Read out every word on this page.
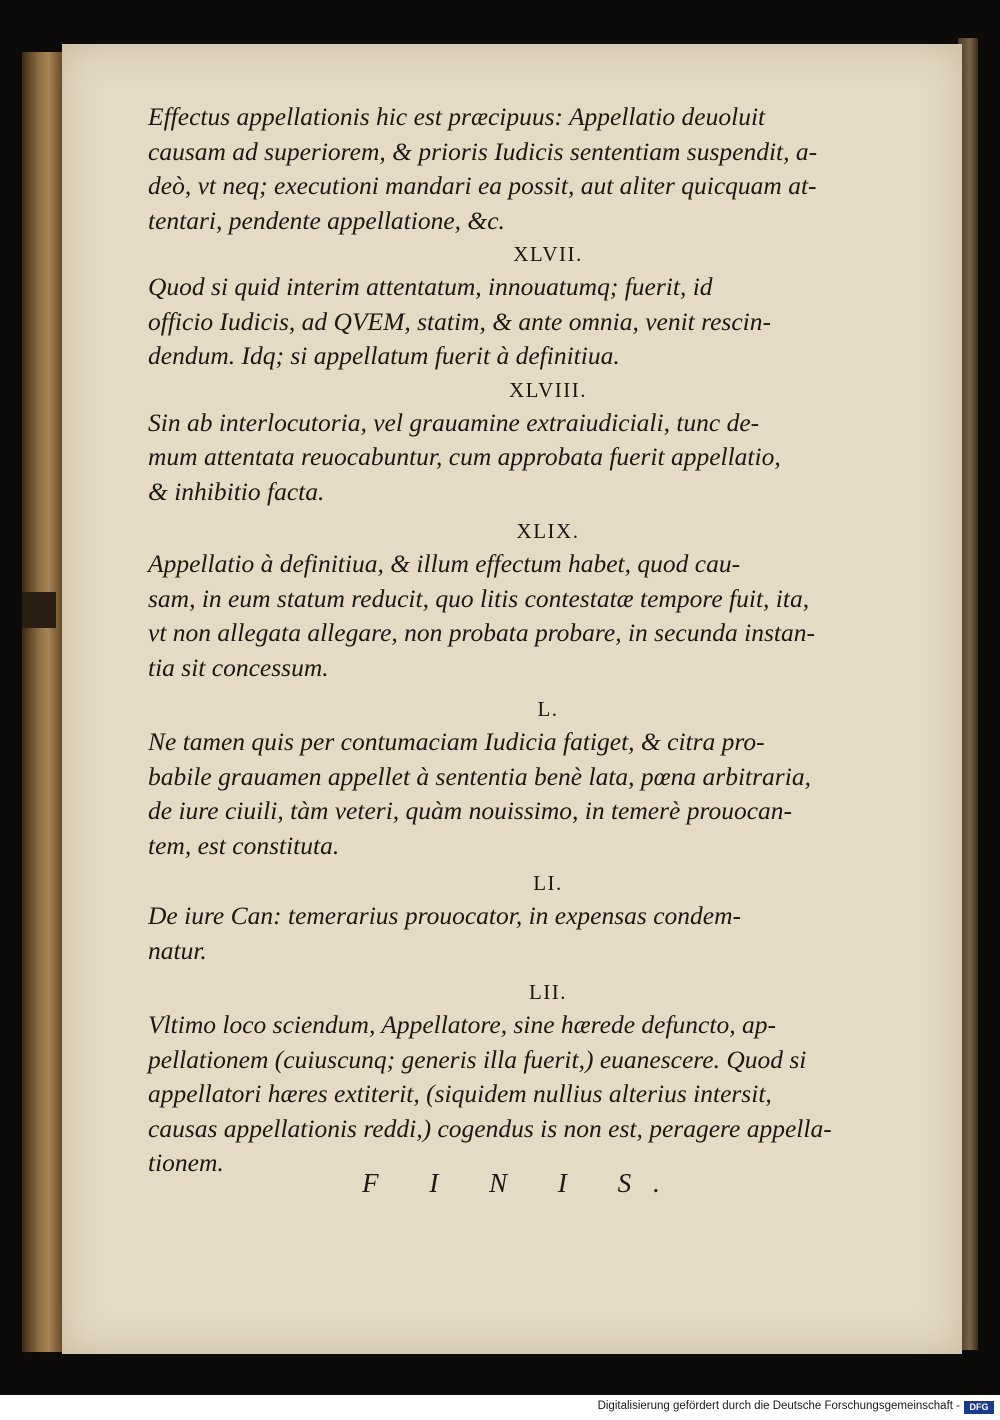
Effectus appellationis hic est præcipuus: Appellatio deuoluit
causam ad superiorem, & prioris Iudicis sententiam suspendit, a-
deò, vt neq; executioni mandari ea possit, aut aliter quicquam at-
tentari, pendente appellatione, &c.

XLVII.

Quod si quid interim attentatum, innouatumq; fuerit, id
officio Iudicis, ad QVEM, statim, & ante omnia, venit rescin-
dendum. Idq; si appellatum fuerit à definitiua.

XLVIII.

Sin ab interlocutoria, vel grauamine extraiudiciali, tunc de-
mum attentata reuocabuntur, cum approbata fuerit appellatio,
& inhibitio facta.

XLIX.

Appellatio à definitiua, & illum effectum habet, quod cau-
sam, in eum statum reducit, quo litis contestatæ tempore fuit, ita,
vt non allegata allegare, non probata probare, in secunda instan-
tia sit concessum.

L.

Ne tamen quis per contumaciam Iudicia fatiget, & citra pro-
babile grauamen appellet à sententia benè lata, pœna arbitraria,
de iure ciuili, tàm veteri, quàm nouissimo, in temerè prouocan-
tem, est constituta.

LI.

De iure Can: temerarius prouocator, in expensas condem-
natur.

LII.

Vltimo loco sciendum, Appellatore, sine hærede defuncto, ap-
pellationem (cuiuscunq; generis illa fuerit,) euanescere. Quod si
appellatori hæres extiterit, (siquidem nullius alterius intersit,
causas appellationis reddi,) cogendus is non est, peragere appella-
tionem.

F I N I S.
Digitalisierung gefördert durch die Deutsche Forschungsgemeinschaft -	DFG
